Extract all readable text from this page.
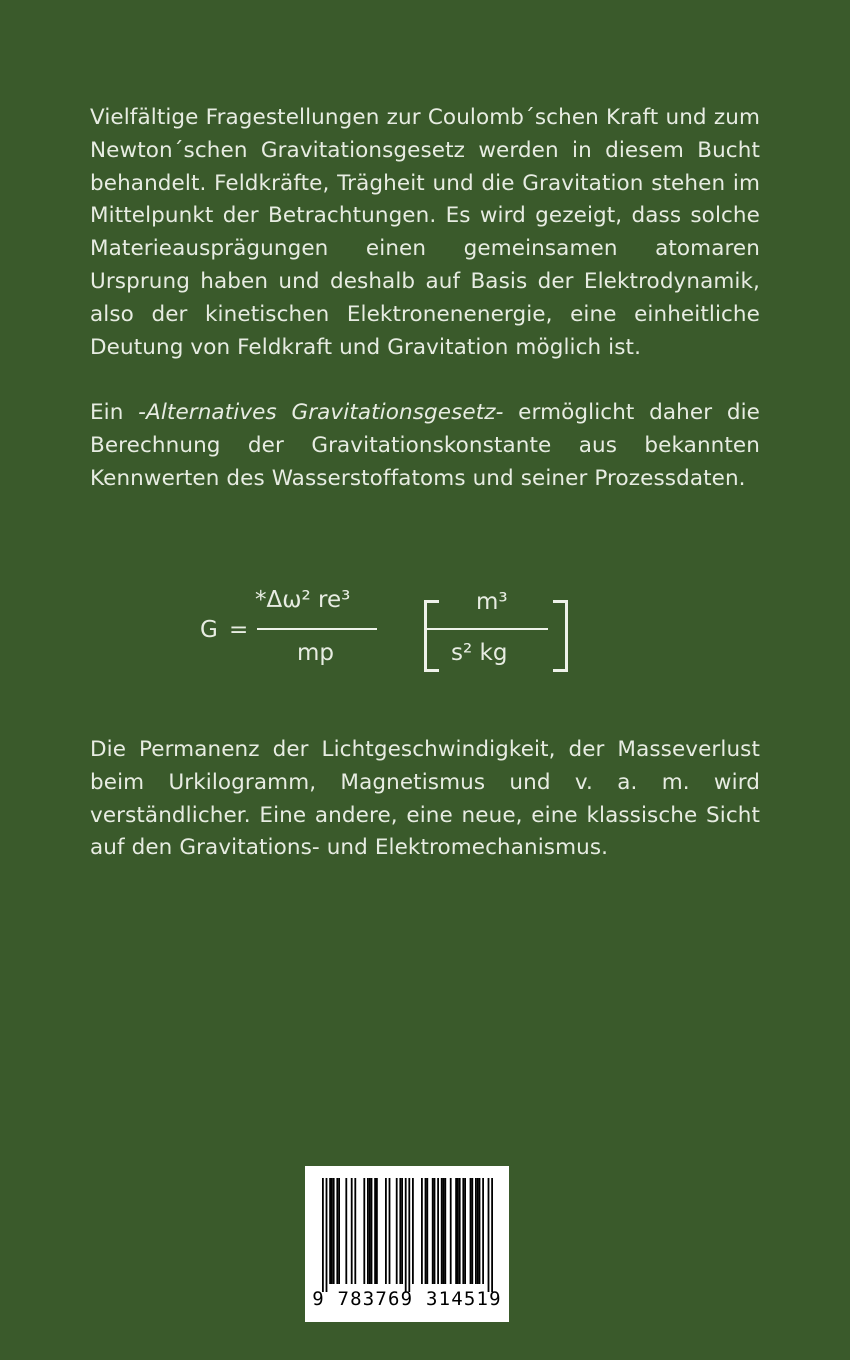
Vielfältige Fragestellungen zur Coulomb´schen Kraft und zum Newton´schen Gravitationsgesetz werden in diesem Bucht behandelt. Feldkräfte, Trägheit und die Gravitation stehen im Mittelpunkt der Betrachtungen. Es wird gezeigt, dass solche Materieausprägungen einen gemeinsamen atomaren Ursprung haben und deshalb auf Basis der Elektrodynamik, also der kinetischen Elektronenenergie, eine einheitliche Deutung von Feldkraft und Gravitation möglich ist.

Ein -Alternatives Gravitationsgesetz- ermöglicht daher die Berechnung der Gravitationskonstante aus bekannten Kennwerten des Wasserstoffatoms und seiner Prozessdaten.

G =
*Δω² re³
mp
m³
s² kg

Die Permanenz der Lichtgeschwindigkeit, der Masseverlust beim Urkilogramm, Magnetismus und v. a. m. wird verständlicher. Eine andere, eine neue, eine klassische Sicht auf den Gravitations- und Elektromechanismus.

9 783769 314519
